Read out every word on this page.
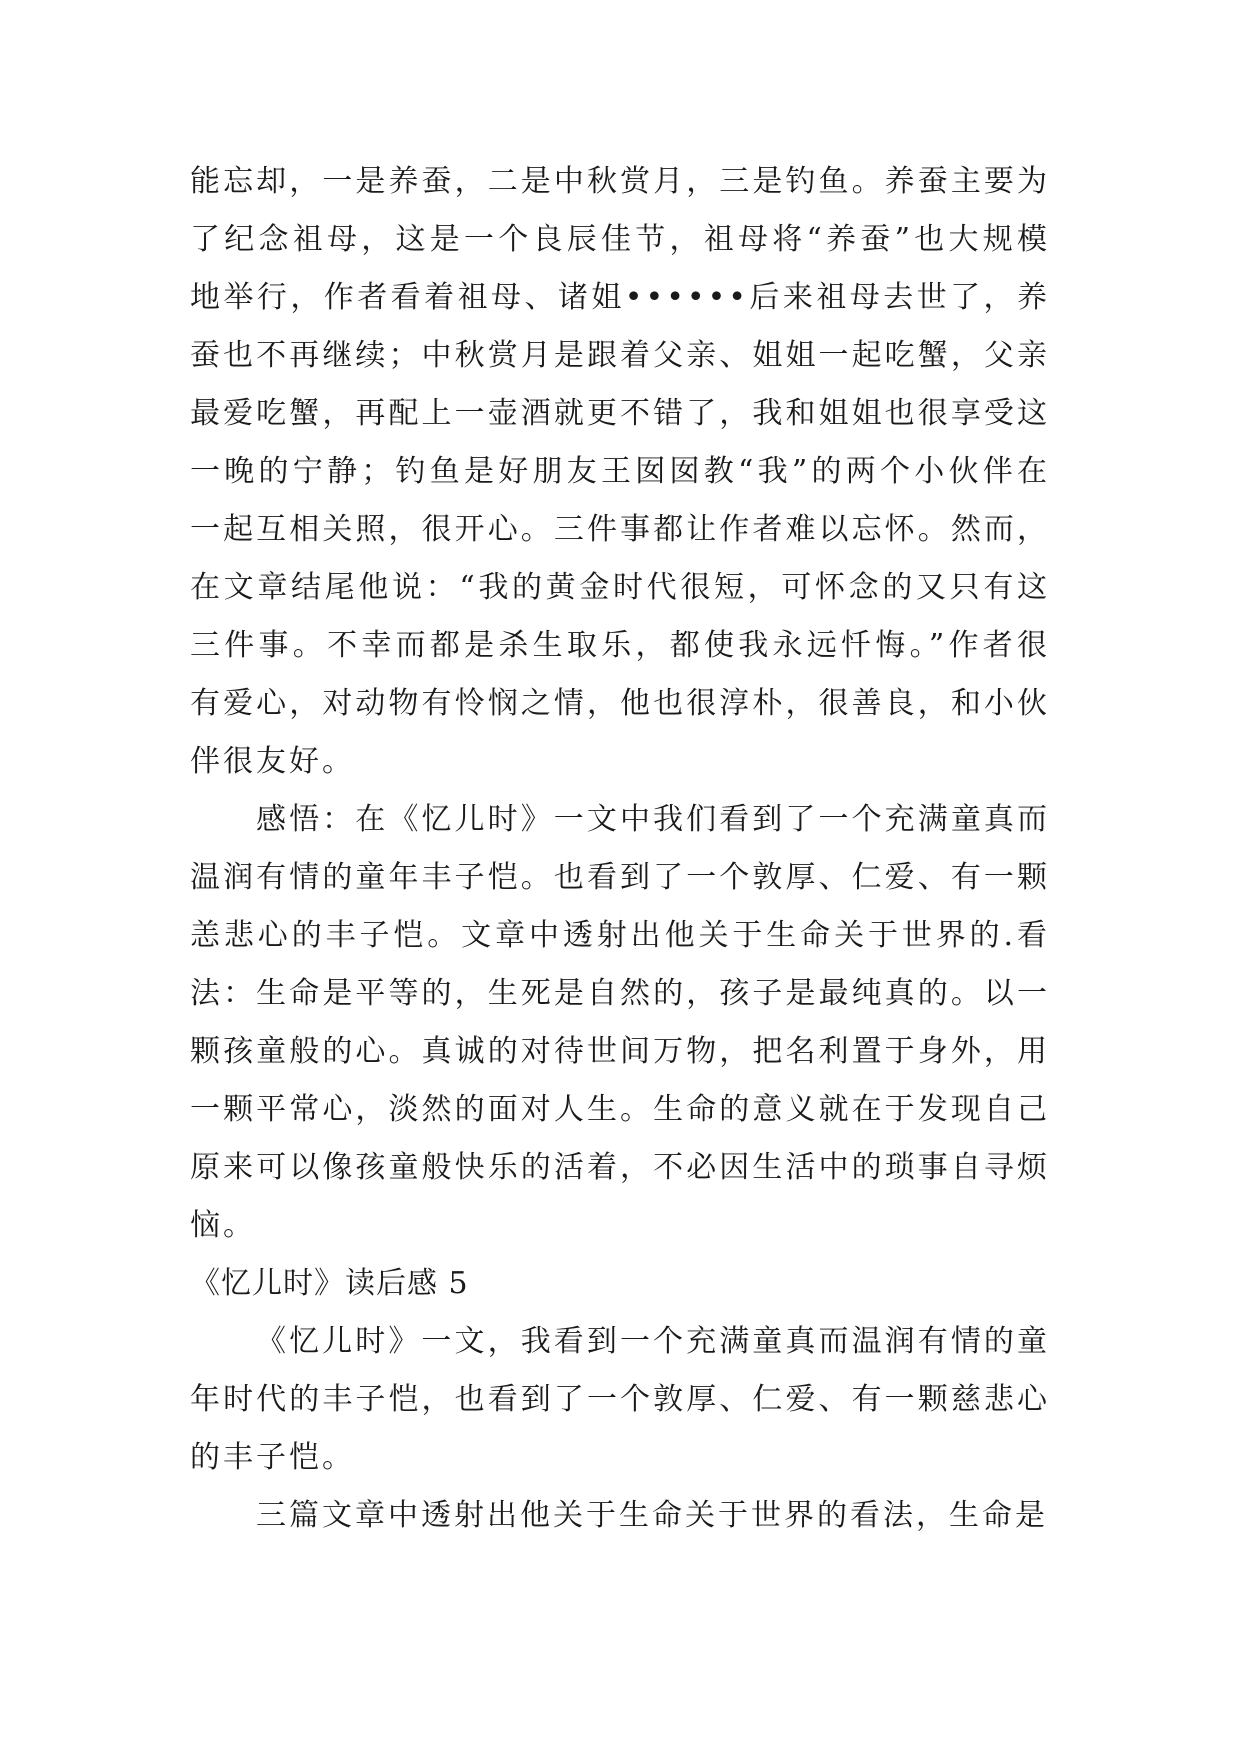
能忘却，一是养蚕，二是中秋赏月，三是钓鱼。养蚕主要为了纪念祖母，这是一个良辰佳节，祖母将“养蚕”也大规模地举行，作者看着祖母、诸姐••••••后来祖母去世了，养蚕也不再继续；中秋赏月是跟着父亲、姐姐一起吃蟹，父亲最爱吃蟹，再配上一壶酒就更不错了，我和姐姐也很享受这一晚的宁静；钓鱼是好朋友王囡囡教“我”的两个小伙伴在一起互相关照，很开心。三件事都让作者难以忘怀。然而，在文章结尾他说：“我的黄金时代很短，可怀念的又只有这三件事。不幸而都是杀生取乐，都使我永远忏悔。”作者很有爱心，对动物有怜悯之情，他也很淳朴，很善良，和小伙伴很友好。

感悟：在《忆儿时》一文中我们看到了一个充满童真而温润有情的童年丰子恺。也看到了一个敦厚、仁爱、有一颗恙悲心的丰子恺。文章中透射出他关于生命关于世界的.看法：生命是平等的，生死是自然的，孩子是最纯真的。以一颗孩童般的心。真诚的对待世间万物，把名利置于身外，用一颗平常心，淡然的面对人生。生命的意义就在于发现自己原来可以像孩童般快乐的活着，不必因生活中的琐事自寻烦恼。

《忆儿时》读后感 5

《忆儿时》一文，我看到一个充满童真而温润有情的童年时代的丰子恺，也看到了一个敦厚、仁爱、有一颗慈悲心的丰子恺。

三篇文章中透射出他关于生命关于世界的看法，生命是
